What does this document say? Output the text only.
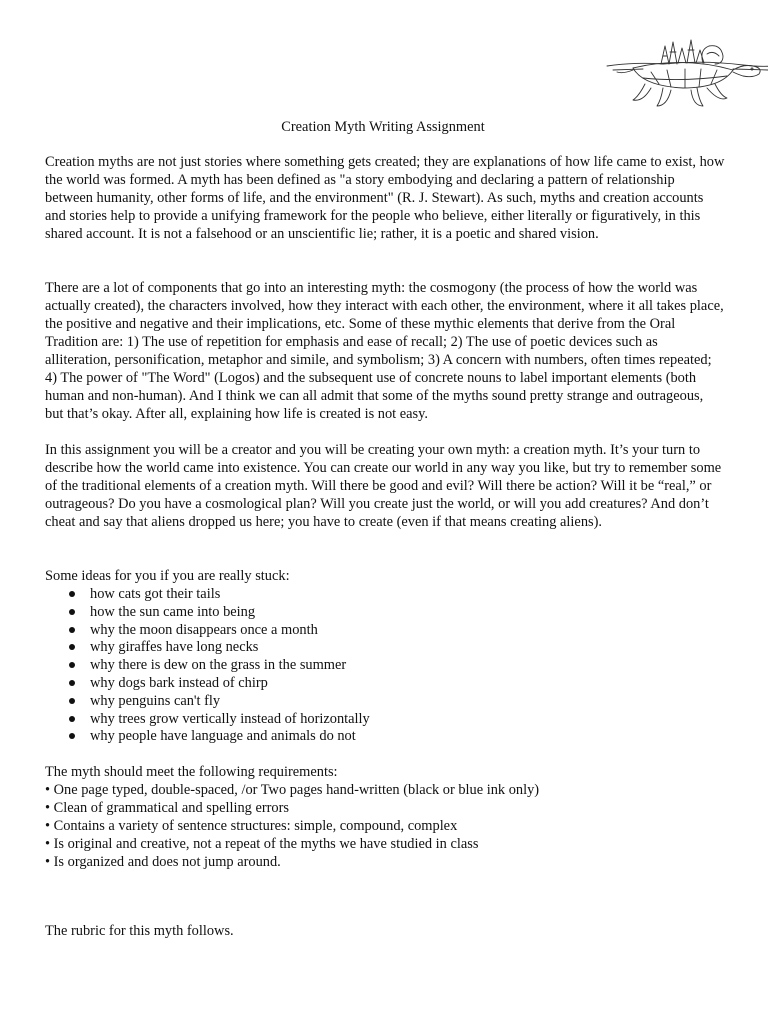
Creation Myth Writing Assignment

Creation myths are not just stories where something gets created; they are explanations of how life came to exist, how the world was formed. A myth has been defined as "a story embodying and declaring a pattern of relationship between humanity, other forms of life, and the environment" (R. J. Stewart). As such, myths and creation accounts and stories help to provide a unifying framework for the people who believe, either literally or figuratively, in this shared account. It is not a falsehood or an unscientific lie; rather, it is a poetic and shared vision.

There are a lot of components that go into an interesting myth: the cosmogony (the process of how the world was actually created), the characters involved, how they interact with each other, the environment, where it all takes place, the positive and negative and their implications, etc. Some of these mythic elements that derive from the Oral Tradition are: 1) The use of repetition for emphasis and ease of recall; 2) The use of poetic devices such as alliteration, personification, metaphor and simile, and symbolism; 3) A concern with numbers, often times repeated; 4) The power of "The Word" (Logos) and the subsequent use of concrete nouns to label important elements (both human and non-human). And I think we can all admit that some of the myths sound pretty strange and outrageous, but that’s okay. After all, explaining how life is created is not easy.

In this assignment you will be a creator and you will be creating your own myth: a creation myth. It’s your turn to describe how the world came into existence. You can create our world in any way you like, but try to remember some of the traditional elements of a creation myth. Will there be good and evil? Will there be action? Will it be “real,” or outrageous? Do you have a cosmological plan? Will you create just the world, or will you add creatures? And don’t cheat and say that aliens dropped us here; you have to create (even if that means creating aliens).

Some ideas for you if you are really stuck:

how cats got their tails
how the sun came into being
why the moon disappears once a month
why giraffes have long necks
why there is dew on the grass in the summer
why dogs bark instead of chirp
why penguins can't fly
why trees grow vertically instead of horizontally
why people have language and animals do not

The myth should meet the following requirements:

• One page typed, double-spaced, /or Two pages hand-written (black or blue ink only)
• Clean of grammatical and spelling errors
• Contains a variety of sentence structures: simple, compound, complex
• Is original and creative, not a repeat of the myths we have studied in class
• Is organized and does not jump around.

The rubric for this myth follows.
